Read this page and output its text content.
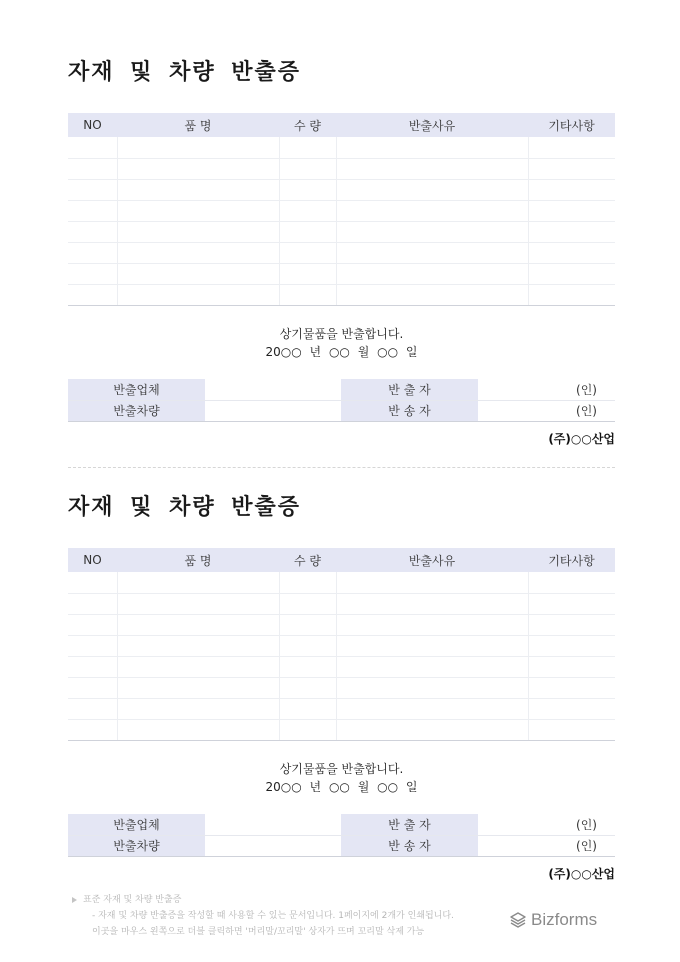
자재 및 차량 반출증
NO	품 명	수 량	반출사유	기타사항

상기물품을 반출합니다.
20○○ 년 ○○ 월 ○○ 일
반출업체		반 출 자	(인)
반출차량		반 송 자	(인)
(주)○○산업
자재 및 차량 반출증
NO	품 명	수 량	반출사유	기타사항

상기물품을 반출합니다.
20○○ 년 ○○ 월 ○○ 일
반출업체		반 출 자	(인)
반출차량		반 송 자	(인)
(주)○○산업
표준 자재 및 차량 반출증
- 자재 및 차량 반출증을 작성할 때 사용할 수 있는 문서입니다. 1페이지에 2개가 인쇄됩니다.
이곳을 마우스 왼쪽으로 더블 클릭하면 '머리말/꼬리말' 상자가 뜨며 꼬리말 삭제 가능
Bizforms
